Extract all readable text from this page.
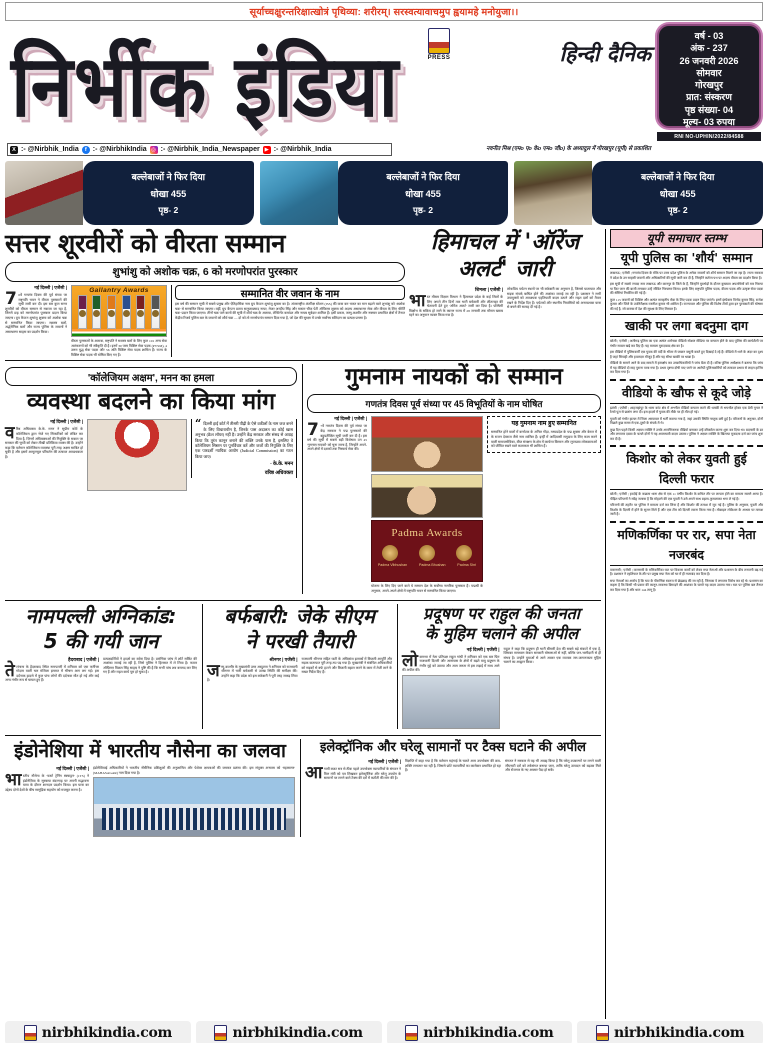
सूर्याच्चक्षुरन्तरिक्षात्खोत्रं पृथिव्या: शरीरम्। सरस्वत्यावाचमुप ह्वयामहे मनोयुजा।।
निर्भीक इंडिया	PRESS	हिन्दी दैनिक
वर्ष - 03
अंक - 237
26 जनवरी 2026
सोमवार
गोरखपुर
प्रात: संस्करण
पृष्ठ संख्या- 04
मूल्य- 03 रुपया
RNI NO-UPHIN/2022/84588
X :- @Nirbhik_India	f :- @NirbhikIndia ◎ :- @Nirbhik_India_Newspaper ▶ :- @Nirbhik_India	नवनीत मिश्र (एमo एo केo एमo जीo) के अध्यादुल में गोरखपुर (यूपी) से प्रकाशित
बल्लेबाजों ने फिर दिया
धोखा 455
पृष्ठ- 2
बल्लेबाजों ने फिर दिया
धोखा 455
पृष्ठ- 2
बल्लेबाजों ने फिर दिया
धोखा 455
पृष्ठ- 2
सत्तर शूरवीरों को वीरता सम्मान
शुभांशु को अशोक चक्र, 6 को मरणोपरांत पुरस्कार
नई दिल्ली | एजेंसी |
70वें गणतंत्र दिवस की पूर्व संध्या पर राष्ट्रपति भवन ने वीरता पुरस्कारों की सूची जारी कर दी। इस बार कुल सत्तर शूरवीरों को वीरता सम्मान से नवाजा जा रहा है, जिनमें छह को मरणोपरांत पुरस्कार प्रदान किया जाएगा। ग्रुप कैप्टन शुभांशु शुक्ला को अशोक चक्र से सम्मानित किया जाएगा। सशस्त्र बलों, अर्द्धसैनिक बलों और राज्य पुलिस के जवानों ने असाधारण साहस का प्रदर्शन किया।
Gallantry Awards
वीरता पुरस्कारों के अलावा, राष्ट्रपति ने सशस्त्र बलों के लिए कुल 101 अन्य सेवा अलंकरणों को भी स्वीकृति दी है। इनमें 30 परम विशिष्ट सेवा पदक (PVSM), 4 उत्तम युद्ध सेवा पदक और 56 अति विशिष्ट सेवा पदक शामिल हैं। राज्य के विशिष्ट सेवा पदक भी घोषित किए गए हैं।
सम्मानित वीर जवान के नाम
इस वर्ष की सम्मान सूची में सबसे प्रमुख और ऐतिहासिक नाम ग्रुप कैप्टन शुभांशु शुक्ला का है। अंतरराष्ट्रीय अंतरिक्ष स्टेशन (ISS) की यात्रा कर भारत का मान बढ़ाने वाले शुभांशु को 'अशोक चक्र' से सम्मानित किया जाएगा। वहीं, ग्रुप कैप्टन प्रताप सलूजाप्रसाद नायर, मेजर अरदीप सिंह और मास्टर चीफ पेटी ऑफिसर शुक्ला को अदम्य असाधारण सेवा और वीरता के लिए 'कीर्ति चक्र' प्रदान किया जाएगा। तीनों चक्र पाने वालों की सूची में शौर्य चक्र के अलावा, लेफ्टिनेंट कमांडर और नायब सूबेदार शामिल हैं। इसी प्रकार, जम्मू-कश्मीर और नक्सल प्रभावित क्षेत्रों में तैनात केंद्रीय रिजर्व पुलिस बल के जवानों को शौर्य चक्र — दो को तो मरणोपरांत सम्मान दिया गया है, जो देश की सुरक्षा में उनके सर्वोच्च बलिदान का प्रत्यक्ष प्रमाण है।
हिमाचल में 'ऑरेंज
अलर्ट' जारी
शिमला | एजेंसी |
भारत मौसम विज्ञान विभाग ने हिमाचल प्रदेश के कई जिलों के लिए अगले तीन दिनों तक भारी बर्फबारी और शीतलहर की चेतावनी देते हुए 'ऑरेंज अलर्ट' जारी कर दिया है। पश्चिमी विक्षोभ के सक्रिय हो जाने के कारण राज्य में 28 जनवरी तक मौसम खराब रहने का अनुमान व्यक्त किया गया है।
लोकप्रिय पर्यटन स्थलों पर भी बर्फबारी का अनुमान है, जिससे यातायात और सड़क संपर्क बाधित होने की आशंका जताई जा रही है। प्रशासन ने सभी उपायुक्तों को आवश्यक एहतियाती कदम उठाने और राहत दलों को तैयार रखने के निर्देश दिए हैं। पर्यटकों और स्थानीय निवासियों को अनावश्यक यात्रा से बचने की सलाह दी गई है।
'कॉलेजियम अक्षम', मनन का हमला
व्यवस्था बदलने का किया मांग
नई दिल्ली | एजेंसी |
वरिष्ठ अधिवक्ता के.के. मनन ने सुप्रीम कोर्ट के कॉलेजियम द्वारा भेजे गए सिफारिशों को लंबित कर दिया है, जिनमें अधिवक्ताओं की नियुक्ति के सवाल पर सरकार की चुप्पी को लेकर तीखी प्रतिक्रिया व्यक्त की है। उन्होंने कहा कि वर्तमान कॉलेजियम व्यवस्था पूरी तरह अक्षम साबित हो चुकी है और इसमें आमूलचूल परिवर्तन की तत्काल आवश्यकता है।
“ दिल्ली हाई कोर्ट में तीसरी पीढ़ी के ऐसे वकीलों के नाम जज बनने के लिए विचाराधीन है, जिनके पास अदालत का कोई खास अनुभव (फ्रेश लॉयर) नहीं है। उन्होंने केंद्र सरकार और संसद से आग्रह किया कि तुरंत कानून बनाने की शक्ति उनके पास है, इसलिए वे कॉलेजियम सिस्टम पर पुनर्विचार करें और जजों की नियुक्ति के लिए एक पारदर्शी न्यायिक आयोग (Judicial Commission) का गठन किया जाए।
- के.के. मनन
वरिष्ठ अधिवक्ता
गुमनाम नायकों को सम्मान
गणतंत्र दिवस पूर्व संध्या पर 45 विभूतियों के नाम घोषित
नई दिल्ली | एजेंसी |
77वें गणतंत्र दिवस की पूर्व संध्या पर केंद्र सरकार ने पद्म पुरस्कारों की बहुप्रतीक्षित सूची जारी कर दी है। इस वर्ष की सूची में सबसे बड़ी विशेषता उन 45 'गुमनाम नायकों' को चुना जाना है, जिन्होंने अपने-अपने क्षेत्रों में दशकों तक निस्वार्थ सेवा की।
Padma Awards
Padma Vibhushan	Padma Bhushan	Padma Shri
योजना के लिए दिए जाने वाले ये सम्मान देश के सर्वोच्च नागरिक पुरस्कार हैं। पद्मश्री के अनुसार, अपने-अपने क्षेत्रों में राष्ट्रपति भवन से सम्मानित किया जाएगा।
यह गुमनाम नाम हुए सम्मानित
सम्मानित होने वालों में कर्नाटक के अनिल गौड़ा, मध्यप्रदेश के पद्म शुक्ला और केरल में के राजन देवराज जैसे नाम शामिल हैं। इन्हीं में आदिवासी समुदाय के लिए काम करने वाली समाजसेविका, बीज संरक्षण के क्षेत्र में कार्यरत किसान और लुप्तप्राय लोककलाओं को जीवित रखने वाले कलाकार भी शामिल हैं।
नामपल्ली अग्निकांड:
5 की गयी जान
हैदराबाद | एजेंसी |
तेलंगाना के हैदराबाद स्थित नामपल्ली में शनिवार को एक फर्नीचर गोदाम वाली चार मंजिला इमारत में भीषण आग लग गई। इस दर्दनाक हादसे में कुल पांच लोगों की दर्दनाक मौत हो गई और कई अन्य गंभीर रूप से घायल हुए हैं।
प्रत्यक्षदर्शियों ने हादसे का ब्योरा दिया है। प्रारंभिक जांच में शॉर्ट सर्किट की आशंका जताई जा रही है, जिसे पुलिस ने हिरासत में ले लिया है। फायर ऑफिसर विक्रम सिंह साहब ने पुष्टि की है कि सभी पांच शव बरामद कर लिए गए हैं और राहत कार्य पूरा हो चुका है।
बर्फबारी: जेके सीएम
ने परखी तैयारी
श्रीनगर | एजेंसी |
जम्मू-कश्मीर के मुख्यमंत्री उमर अब्दुल्ला ने शनिवार को राजधानी श्रीनगर में भारी बर्फबारी से उत्पन्न स्थिति की समीक्षा की। उन्होंने कहा कि प्रदेश को इस बर्फबारी ने पूरी तरह जकड़ लिया है।
राजधानी श्रीनगर सहित घाटी के अधिकांश इलाकों में बिजली आपूर्ति और सड़क यातायात पूरी तरह ठप पड़ गया है। मुख्यमंत्री ने संबंधित अधिकारियों को सड़कों से बर्फ हटाने और बिजली बहाल करने के काम में तेजी लाने के सख्त निर्देश दिए हैं।
प्रदूषण पर राहुल की जनता
के मुहिम चलाने की अपील
नई दिल्ली | एजेंसी |
लोकसभा में नेता प्रतिपक्ष राहुल गांधी ने शनिवार को एक बार फिर राजधानी दिल्ली और आसपास के क्षेत्रों में बढ़ते वायु प्रदूषण के गंभीर मुद्दे को उठाया और आम जनता से इस लड़ाई में साथ आने की अपील की।
राहुल ने कहा कि प्रदूषण ही भारी बीमारी देश की सबसे बड़े संकटों में एक है, जिसका समाधान केवल सरकारी घोषणाओं से नहीं, बल्कि जन-भागीदारी से ही संभव है। उन्होंने युवाओं से आगे आकर एक व्यापक जन-जागरूकता मुहिम चलाने का आह्वान किया।
इंडोनेशिया में भारतीय नौसेना का जलवा
नई दिल्ली | एजेंसी |
भारतीय नौसेना के 'फर्स्ट ट्रेनिंग स्क्वाड्रन' (1TS) ने इंडोनेशिया के सुरबाया बंदरगाह पर अपनी सद्भावना यात्रा के दौरान शानदार प्रदर्शन किया। इस यात्रा का उद्देश्य दोनों देशों के बीच सामुद्रिक सहयोग को मजबूत करना है।
इंडोनेशियाई अधिकारियों ने भारतीय नौसैनिक प्रशिक्षुओं की अनुशासित और पेशेवर क्षमताओं की जमकर प्रशंसा की। इस संयुक्त अभ्यास को 'महासागर' (MAHASAGAR) नाम दिया गया है।
इलेक्ट्रॉनिक और घरेलू सामानों पर टैक्स घटाने की अपील
नई दिल्ली | एजेंसी |
आगामी बजट सत्र से ठीक पहले उपभोक्ता व्यापारियों के संगठन ने वित्त मंत्री को पत्र लिखकर इलेक्ट्रॉनिक और घरेलू उपयोग के सामानों पर लगने वाले टैक्स की दरों में कटौती की मांग की है।
विज्ञप्ति में कहा गया है कि वर्तमान महंगाई के चलते आम उपभोक्ता की क्रय-शक्ति लगातार घट रही है, जिससे छोटे व्यापारियों का कारोबार प्रभावित हो रहा है।
संगठन ने सरकार से यह भी आग्रह किया है कि घरेलू उपकरणों पर लगने वाली जीएसटी दरों को तर्कसंगत बनाया जाए, ताकि घरेलू उत्पादन को बढ़ावा मिले और रोजगार के नए अवसर पैदा हो सकें।
यूपी समाचार स्तम्भ
यूपी पुलिस का 'शौर्य' सम्मान

लखनऊ | एजेंसी | गणतंत्र दिवस के मौके पर उत्तर प्रदेश पुलिस के अनेक जवानों को शौर्य सम्मान मिलने जा रहा है। राज्य सरकार ने प्रदेश के उन साहसी जवानों और अधिकारियों की सूची जारी कर दी है, जिन्होंने कर्तव्य पथ पर अदम्य वीरता का प्रदर्शन किया है।

इस सूची में सबसे ज्यादा नाम लखनऊ और कानपुर के जिले के हैं, जिन्होंने मुठभेड़ों के दौरान कुख्यात अपराधियों को मार गिराया या फिर जान की बाजी लगाकर उन्हें जीवित गिरफ्तार किया। इनके लिए राष्ट्रपति पुलिस पदक, वीरता पदक और उत्कृष्ट सेवा पदक की श्रेणियां निर्धारित की गई हैं।

कुल 115 जवानों को विशिष्ट और अत्यंत सराहनीय सेवा के लिए पदक प्रदान किए जाएंगे। इनमें इंस्पेक्टर विनोद कुमार सिंह, राजेश कुमार और जिले के उपनिरीक्षक रजनीश कुमार भी शामिल हैं। राज्यपाल और पुलिस की विशेष टीमों द्वारा इन पुरस्कारों की घोषणा की गई है, जो वास्तव में देश की सुरक्षा के लिए मिसाल हैं।

खाकी पर लगा बदनुमा दाग

बरेली | एजेंसी | अलीगढ़ पुलिस का एक अत्यंत शर्मनाक वीडियो सोशल मीडिया पर वायरल होने के बाद पुलिस की कार्यशैली पर गंभीर सवाल खड़े कर दिए हैं। यह मामला मुरादाबाद क्षेत्र का है।

इस वीडियो में पुलिसकर्मी एक युवक की वर्दी के भीतर से जबरन वसूली करते हुए दिखाई दे रहे हैं। वीडियो में थाने के अंदर का दृश्य है जहां सिपाही और हवलदार मौजूद हैं और यह सीधा खाकी पर धब्बा है।

वीडियो के सामने आने के बाद मामले में हस्तक्षेप कर उच्चाधिकारियों ने जांच बैठा दी है। वरिष्ठ पुलिस अधीक्षक ने बताया कि जांच में यह वीडियो दो माह पुराना पाया गया है। प्रथम दृष्टया दोषी पाए जाने पर आरोपी पुलिसकर्मियों को तत्काल प्रभाव से लाइन हाजिर कर दिया गया है।

वीडियो के खौफ से कूदे जोड़े

झांसी | एजेंसी | शाहजहांपुर के थाना कांट क्षेत्र में अश्लील वीडियो वायरल करने की धमकी से भयभीत होकर एक प्रेमी युगल ने रेलवे पुल से छलांग लगा दी। इस हादसे में युवक की मौके पर ही मौत हो गई।

युवती को गंभीर हालत में जिला अस्पताल में भर्ती कराया गया है, जहां उसकी स्थिति नाजुक बनी हुई है। परिजनों के अनुसार, दोनों पिछले कुछ समय से एक-दूसरे के संपर्क में थे।

कुछ दिन पहले किसी अज्ञात व्यक्ति ने उनके आपत्तिजनक वीडियो बनाकर उन्हें ब्लैकमेल करना शुरू कर दिया था। बदनामी के डर और लगातार दबाव के चलते दोनों ने यह आत्मघाती कदम उठाया। पुलिस ने अज्ञात व्यक्ति के खिलाफ मुकदमा दर्ज कर जांच शुरू कर दी है।

किशोर को लेकर युवती हुई
दिल्ली फरार

बरेली | एजेंसी | हरदोई के कछला थाना क्षेत्र से एक 11 वर्षीय किशोर के कथित तौर पर लापता होने का मामला सामने आया है। पीड़ित परिजनों ने संदेह जताया है कि मोहल्ले की एक युवती ने उसे अपने साथ बहला-फुसलाकर भगा ले गई है।

परिजनों की तहरीर पर पुलिस ने मामला दर्ज कर लिया है और किशोर की तलाश में जुट गई है। पुलिस के अनुसार, युवती और किशोर के दिल्ली में होने के सुराग मिले हैं और एक टीम को दिल्ली रवाना किया गया है। मोबाइल लोकेशन के आधार पर तलाश जारी है।

मणिकर्णिका पर रार, सपा नेता
नजरबंद

वाराणसी | एजेंसी | वाराणसी के मणिकर्णिका घाट पर विकास कार्यों को लेकर सपा नेताओं और प्रशासन के बीच तनातनी बढ़ गई है। प्रशासन ने एहतियात के तौर पर प्रमुख सपा नेता को घर में ही नजरबंद कर दिया है।

सपा नेताओं का आरोप है कि घाट के पौराणिक स्वरूप से छेड़छाड़ की जा रही है, जिसका वे लगातार विरोध कर रहे थे। प्रशासन का कहना है कि किसी भी प्रकार की कानून-व्यवस्था बिगाड़ने की आशंका के चलते यह कदम उठाया गया। घाट पर पुलिस बल तैनात कर दिया गया है और धारा 144 लागू है।

nirbhikindia.com	nirbhikindia.com	nirbhikindia.com	nirbhikindia.com
